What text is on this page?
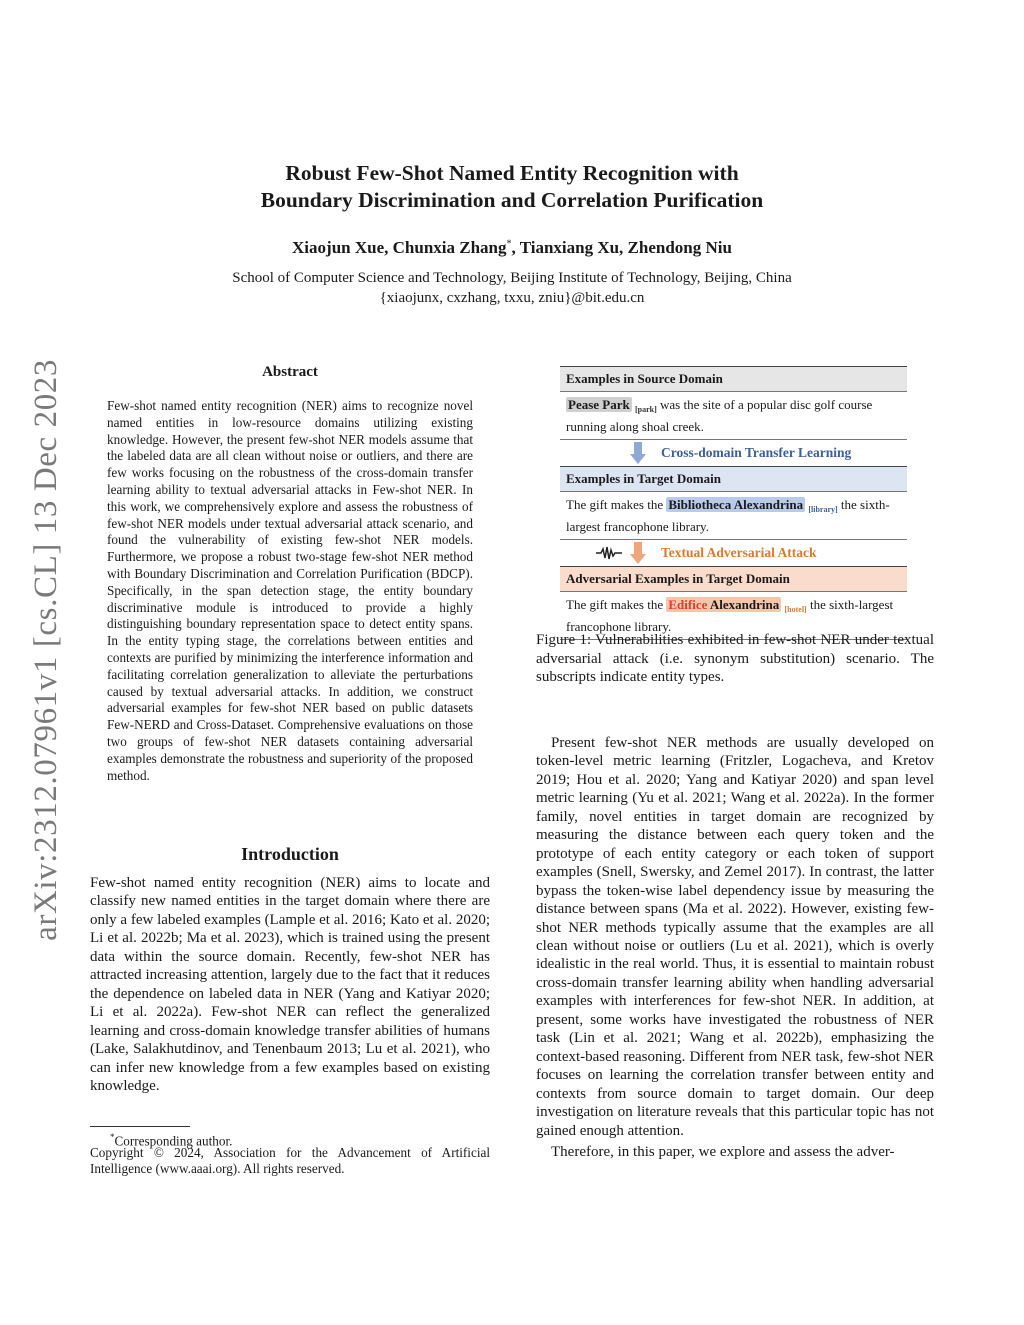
arXiv:2312.07961v1 [cs.CL] 13 Dec 2023
Robust Few-Shot Named Entity Recognition with
Boundary Discrimination and Correlation Purification
Xiaojun Xue, Chunxia Zhang*, Tianxiang Xu, Zhendong Niu
School of Computer Science and Technology, Beijing Institute of Technology, Beijing, China
{xiaojunx, cxzhang, txxu, zniu}@bit.edu.cn
Abstract
Few-shot named entity recognition (NER) aims to recognize novel named entities in low-resource domains utilizing existing knowledge. However, the present few-shot NER models assume that the labeled data are all clean without noise or outliers, and there are few works focusing on the robustness of the cross-domain transfer learning ability to textual adversarial attacks in Few-shot NER. In this work, we comprehensively explore and assess the robustness of few-shot NER models under textual adversarial attack scenario, and found the vulnerability of existing few-shot NER models. Furthermore, we propose a robust two-stage few-shot NER method with Boundary Discrimination and Correlation Purification (BDCP). Specifically, in the span detection stage, the entity boundary discriminative module is introduced to provide a highly distinguishing boundary representation space to detect entity spans. In the entity typing stage, the correlations between entities and contexts are purified by minimizing the interference information and facilitating correlation generalization to alleviate the perturbations caused by textual adversarial attacks. In addition, we construct adversarial examples for few-shot NER based on public datasets Few-NERD and Cross-Dataset. Comprehensive evaluations on those two groups of few-shot NER datasets containing adversarial examples demonstrate the robustness and superiority of the proposed method.
Introduction

Few-shot named entity recognition (NER) aims to locate and classify new named entities in the target domain where there are only a few labeled examples (Lample et al. 2016; Kato et al. 2020; Li et al. 2022b; Ma et al. 2023), which is trained using the present data within the source domain. Recently, few-shot NER has attracted increasing attention, largely due to the fact that it reduces the dependence on labeled data in NER (Yang and Katiyar 2020; Li et al. 2022a). Few-shot NER can reflect the generalized learning and cross-domain knowledge transfer abilities of humans (Lake, Salakhutdinov, and Tenenbaum 2013; Lu et al. 2021), who can infer new knowledge from a few examples based on existing knowledge.

*Corresponding author.
Copyright © 2024, Association for the Advancement of Artificial Intelligence (www.aaai.org). All rights reserved.
Examples in Source Domain
Pease Park $_{[park]}$ was the site of a popular disc golf course running along shoal creek.
Cross-domain Transfer Learning
Examples in Target Domain
The gift makes the Bibliotheca Alexandrina $_{[library]}$ the sixth-largest francophone library.
Textual Adversarial Attack
Adversarial Examples in Target Domain
The gift makes the Edifice Alexandrina $_{[hotel]}$ the sixth-largest francophone library.
Figure 1: Vulnerabilities exhibited in few-shot NER under textual adversarial attack (i.e. synonym substitution) scenario. The subscripts indicate entity types.

Present few-shot NER methods are usually developed on token-level metric learning (Fritzler, Logacheva, and Kretov 2019; Hou et al. 2020; Yang and Katiyar 2020) and span level metric learning (Yu et al. 2021; Wang et al. 2022a). In the former family, novel entities in target domain are recognized by measuring the distance between each query token and the prototype of each entity category or each token of support examples (Snell, Swersky, and Zemel 2017). In contrast, the latter bypass the token-wise label dependency issue by measuring the distance between spans (Ma et al. 2022). However, existing few-shot NER methods typically assume that the examples are all clean without noise or outliers (Lu et al. 2021), which is overly idealistic in the real world. Thus, it is essential to maintain robust cross-domain transfer learning ability when handling adversarial examples with interferences for few-shot NER. In addition, at present, some works have investigated the robustness of NER task (Lin et al. 2021; Wang et al. 2022b), emphasizing the context-based reasoning. Different from NER task, few-shot NER focuses on learning the correlation transfer between entity and contexts from source domain to target domain. Our deep investigation on literature reveals that this particular topic has not gained enough attention.

Therefore, in this paper, we explore and assess the adver-
